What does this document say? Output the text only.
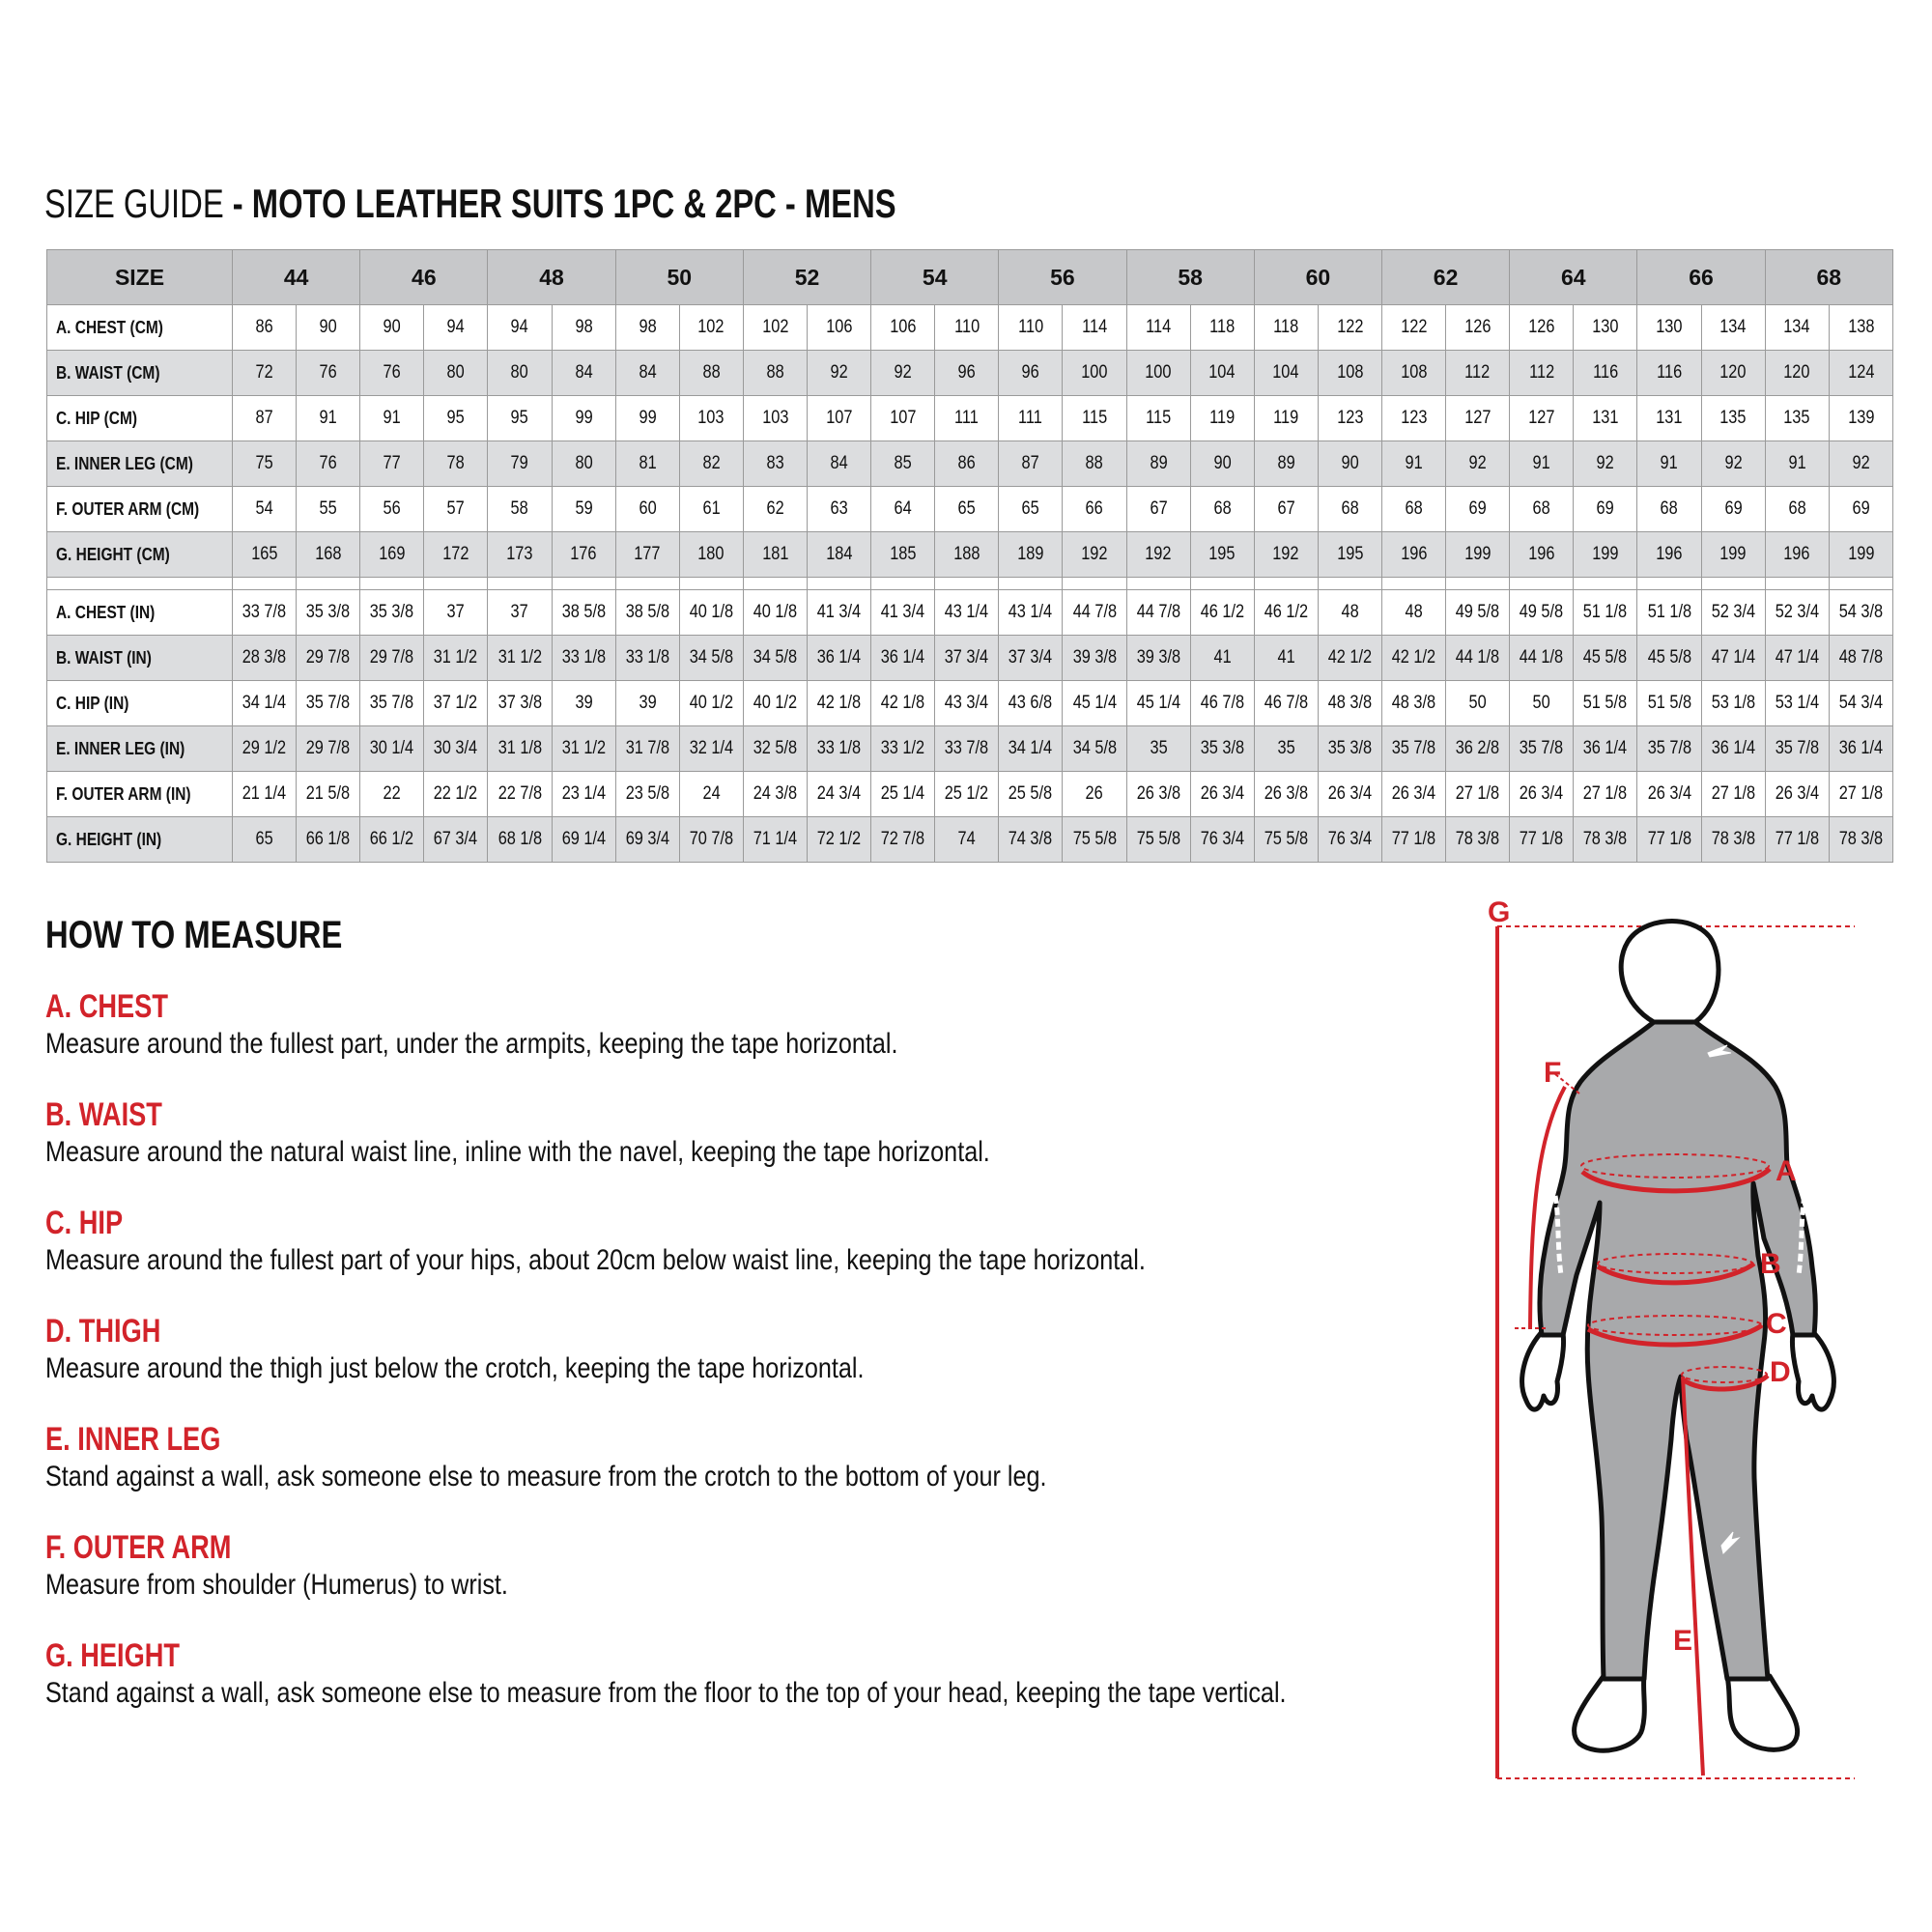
SIZE GUIDE - MOTO LEATHER SUITS 1PC & 2PC - MENS
SIZE	44		46		48		50		52		54		56		58		60		62		64		66		68	
A. CHEST (CM)	86	90	90	94	94	98	98	102	102	106	106	110	110	114	114	118	118	122	122	126	126	130	130	134	134	138
B. WAIST (CM)	72	76	76	80	80	84	84	88	88	92	92	96	96	100	100	104	104	108	108	112	112	116	116	120	120	124
C. HIP (CM)	87	91	91	95	95	99	99	103	103	107	107	111	111	115	115	119	119	123	123	127	127	131	131	135	135	139
E. INNER LEG (CM)	75	76	77	78	79	80	81	82	83	84	85	86	87	88	89	90	89	90	91	92	91	92	91	92	91	92
F. OUTER ARM (CM)	54	55	56	57	58	59	60	61	62	63	64	65	65	66	67	68	67	68	68	69	68	69	68	69	68	69
G. HEIGHT (CM)	165	168	169	172	173	176	177	180	181	184	185	188	189	192	192	195	192	195	196	199	196	199	196	199	196	199

A. CHEST (IN)	33 7/8	35 3/8	35 3/8	37	37	38 5/8	38 5/8	40 1/8	40 1/8	41 3/4	41 3/4	43 1/4	43 1/4	44 7/8	44 7/8	46 1/2	46 1/2	48	48	49 5/8	49 5/8	51 1/8	51 1/8	52 3/4	52 3/4	54 3/8
B. WAIST (IN)	28 3/8	29 7/8	29 7/8	31 1/2	31 1/2	33 1/8	33 1/8	34 5/8	34 5/8	36 1/4	36 1/4	37 3/4	37 3/4	39 3/8	39 3/8	41	41	42 1/2	42 1/2	44 1/8	44 1/8	45 5/8	45 5/8	47 1/4	47 1/4	48 7/8
C. HIP (IN)	34 1/4	35 7/8	35 7/8	37 1/2	37 3/8	39	39	40 1/2	40 1/2	42 1/8	42 1/8	43 3/4	43 6/8	45 1/4	45 1/4	46 7/8	46 7/8	48 3/8	48 3/8	50	50	51 5/8	51 5/8	53 1/8	53 1/4	54 3/4
E. INNER LEG (IN)	29 1/2	29 7/8	30 1/4	30 3/4	31 1/8	31 1/2	31 7/8	32 1/4	32 5/8	33 1/8	33 1/2	33 7/8	34 1/4	34 5/8	35	35 3/8	35	35 3/8	35 7/8	36 2/8	35 7/8	36 1/4	35 7/8	36 1/4	35 7/8	36 1/4
F. OUTER ARM (IN)	21 1/4	21 5/8	22	22 1/2	22 7/8	23 1/4	23 5/8	24	24 3/8	24 3/4	25 1/4	25 1/2	25 5/8	26	26 3/8	26 3/4	26 3/8	26 3/4	26 3/4	27 1/8	26 3/4	27 1/8	26 3/4	27 1/8	26 3/4	27 1/8
G. HEIGHT (IN)	65	66 1/8	66 1/2	67 3/4	68 1/8	69 1/4	69 3/4	70 7/8	71 1/4	72 1/2	72 7/8	74	74 3/8	75 5/8	75 5/8	76 3/4	75 5/8	76 3/4	77 1/8	78 3/8	77 1/8	78 3/8	77 1/8	78 3/8	77 1/8	78 3/8
HOW TO MEASURE
A. CHEST
Measure around the fullest part, under the armpits, keeping the tape horizontal.
B. WAIST
Measure around the natural waist line, inline with the navel, keeping the tape horizontal.
C. HIP
Measure around the fullest part of your hips, about 20cm below waist line, keeping the tape horizontal.
D. THIGH
Measure around the thigh just below the crotch, keeping the tape horizontal.
E. INNER LEG
Stand against a wall, ask someone else to measure from the crotch to the bottom of your leg.
F. OUTER ARM
Measure from shoulder (Humerus) to wrist.
G. HEIGHT
Stand against a wall, ask someone else to measure from the floor to the top of your head, keeping the tape vertical.
G
F
A
B
C
D
E
